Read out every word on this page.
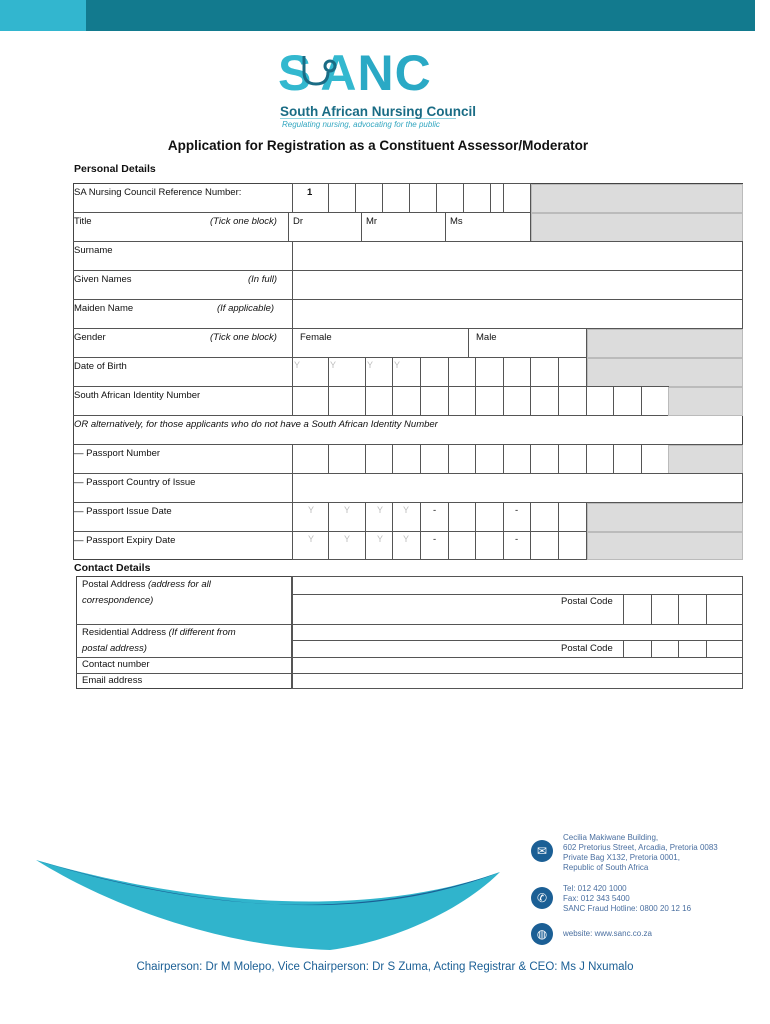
S ANC
South African Nursing Council
Regulating nursing, advocating for the public
Application for Registration as a Constituent Assessor/Moderator
Personal Details
SA Nursing Council Reference Number:	1
Title	(Tick one block) Dr	Mr	Ms
Surname
Given Names	(In full)
Maiden Name	(If applicable)
Gender	(Tick one block) Female	Male
Date of Birth	Y	Y	Y Y
South African Identity Number
OR alternatively, for those applicants who do not have a South African Identity Number
— Passport Number
— Passport Country of Issue
— Passport Issue Date	Y	Y	Y Y	-	-
— Passport Expiry Date	Y	Y	Y Y	-	-
Contact Details
Postal Address (address for all
correspondence)	Postal Code
Residential Address (If different from
postal address)	Postal Code
Contact number
Email address
✉
Cecilia Makiwane Building,
602 Pretorius Street, Arcadia, Pretoria 0083
Private Bag X132, Pretoria 0001,
Republic of South Africa
✆
Tel: 012 420 1000
Fax: 012 343 5400
SANC Fraud Hotline: 0800 20 12 16
◍	website: www.sanc.co.za
Chairperson: Dr M Molepo, Vice Chairperson: Dr S Zuma, Acting Registrar & CEO: Ms J Nxumalo
